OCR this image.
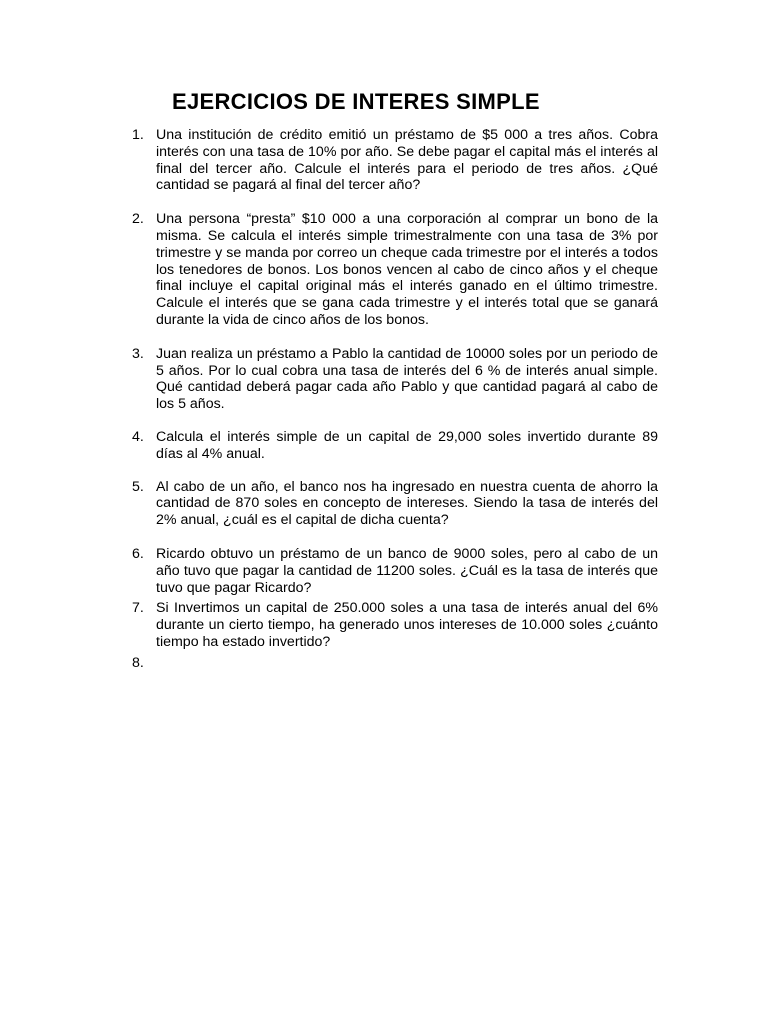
EJERCICIOS DE INTERES SIMPLE
1. Una institución de crédito emitió un préstamo de $5 000 a tres años. Cobra interés con una tasa de 10% por año. Se debe pagar el capital más el interés al final del tercer año. Calcule el interés para el periodo de tres años. ¿Qué cantidad se pagará al final del tercer año?
2. Una persona “presta” $10 000 a una corporación al comprar un bono de la misma. Se calcula el interés simple trimestralmente con una tasa de 3% por trimestre y se manda por correo un cheque cada trimestre por el interés a todos los tenedores de bonos. Los bonos vencen al cabo de cinco años y el cheque final incluye el capital original más el interés ganado en el último trimestre. Calcule el interés que se gana cada trimestre y el interés total que se ganará durante la vida de cinco años de los bonos.
3. Juan realiza un préstamo a Pablo la cantidad de 10000 soles por un periodo de 5 años. Por lo cual cobra una tasa de interés del 6 % de interés anual simple. Qué cantidad deberá pagar cada año Pablo y que cantidad pagará al cabo de los 5 años.
4. Calcula el interés simple de un capital de 29,000 soles invertido durante 89 días al 4% anual.
5. Al cabo de un año, el banco nos ha ingresado en nuestra cuenta de ahorro la cantidad de 870 soles en concepto de intereses. Siendo la tasa de interés del 2% anual, ¿cuál es el capital de dicha cuenta?
6. Ricardo obtuvo un préstamo de un banco de 9000 soles, pero al cabo de un año tuvo que pagar la cantidad de 11200 soles. ¿Cuál es la tasa de interés que tuvo que pagar Ricardo?
7. Si Invertimos un capital de 250.000 soles a una tasa de interés anual del 6% durante un cierto tiempo, ha generado unos intereses de 10.000 soles ¿cuánto tiempo ha estado invertido?
8.
